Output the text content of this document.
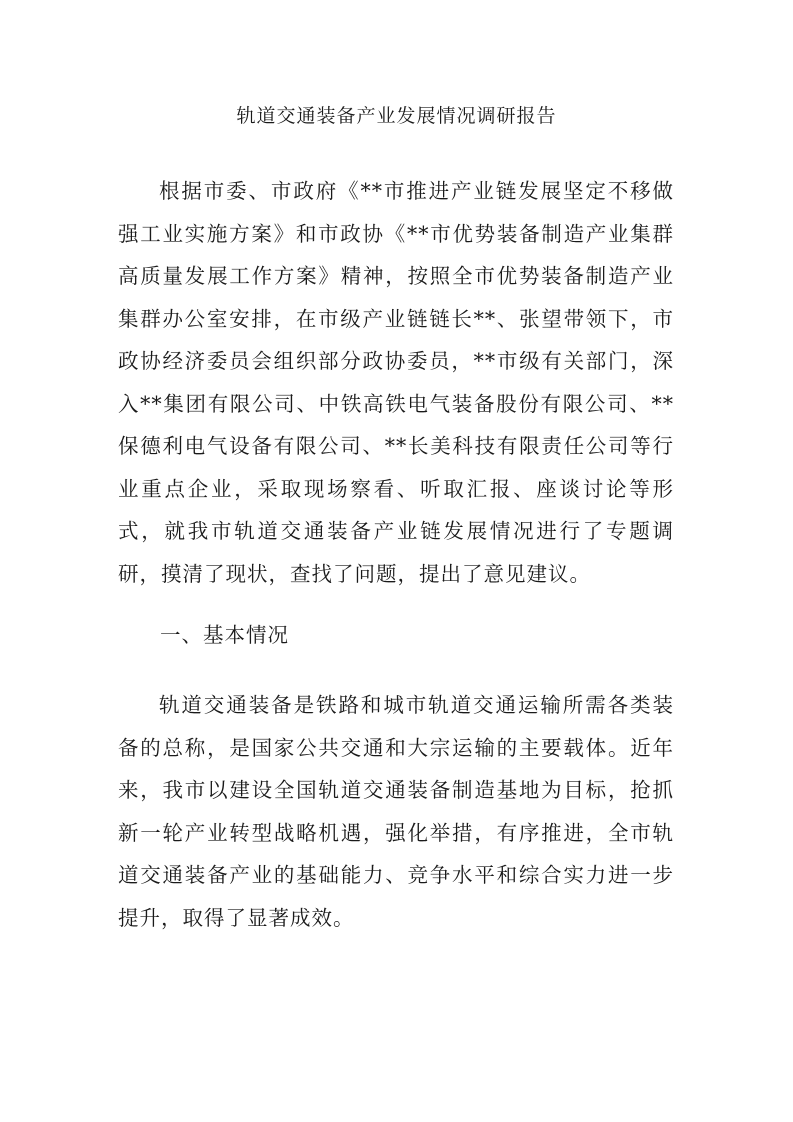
轨道交通装备产业发展情况调研报告

根据市委、市政府《**市推进产业链发展坚定不移做强工业实施方案》和市政协《**市优势装备制造产业集群高质量发展工作方案》精神，按照全市优势装备制造产业集群办公室安排，在市级产业链链长**、张望带领下，市政协经济委员会组织部分政协委员，**市级有关部门，深入**集团有限公司、中铁高铁电气装备股份有限公司、**保德利电气设备有限公司、**长美科技有限责任公司等行业重点企业，采取现场察看、听取汇报、座谈讨论等形式，就我市轨道交通装备产业链发展情况进行了专题调研，摸清了现状，查找了问题，提出了意见建议。

一、基本情况

轨道交通装备是铁路和城市轨道交通运输所需各类装备的总称，是国家公共交通和大宗运输的主要载体。近年来，我市以建设全国轨道交通装备制造基地为目标，抢抓新一轮产业转型战略机遇，强化举措，有序推进，全市轨道交通装备产业的基础能力、竞争水平和综合实力进一步提升，取得了显著成效。
